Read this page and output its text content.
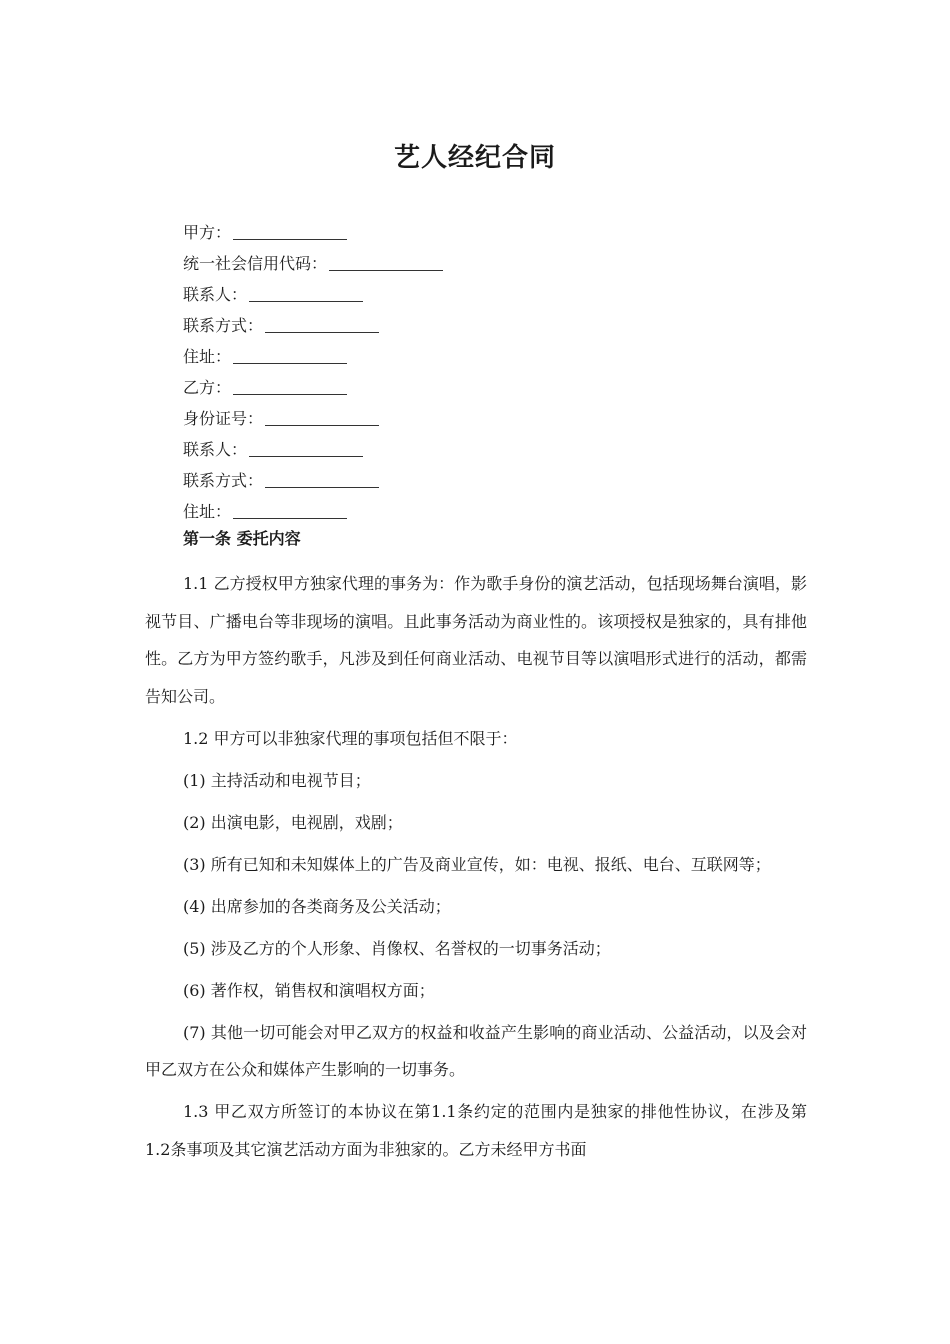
艺人经纪合同
甲方：
统一社会信用代码：
联系人：
联系方式：
住址：
乙方：
身份证号：
联系人：
联系方式：
住址：
第一条 委托内容

1.1 乙方授权甲方独家代理的事务为：作为歌手身份的演艺活动，包括现场舞台演唱，影视节目、广播电台等非现场的演唱。且此事务活动为商业性的。该项授权是独家的，具有排他性。乙方为甲方签约歌手，凡涉及到任何商业活动、电视节目等以演唱形式进行的活动，都需告知公司。

1.2 甲方可以非独家代理的事项包括但不限于：

(1) 主持活动和电视节目；

(2) 出演电影，电视剧，戏剧；

(3) 所有已知和未知媒体上的广告及商业宣传，如：电视、报纸、电台、互联网等；

(4) 出席参加的各类商务及公关活动；

(5) 涉及乙方的个人形象、肖像权、名誉权的一切事务活动；

(6) 著作权，销售权和演唱权方面；

(7) 其他一切可能会对甲乙双方的权益和收益产生影响的商业活动、公益活动，以及会对甲乙双方在公众和媒体产生影响的一切事务。

1.3 甲乙双方所签订的本协议在第1.1条约定的范围内是独家的排他性协议，在涉及第1.2条事项及其它演艺活动方面为非独家的。乙方未经甲方书面
